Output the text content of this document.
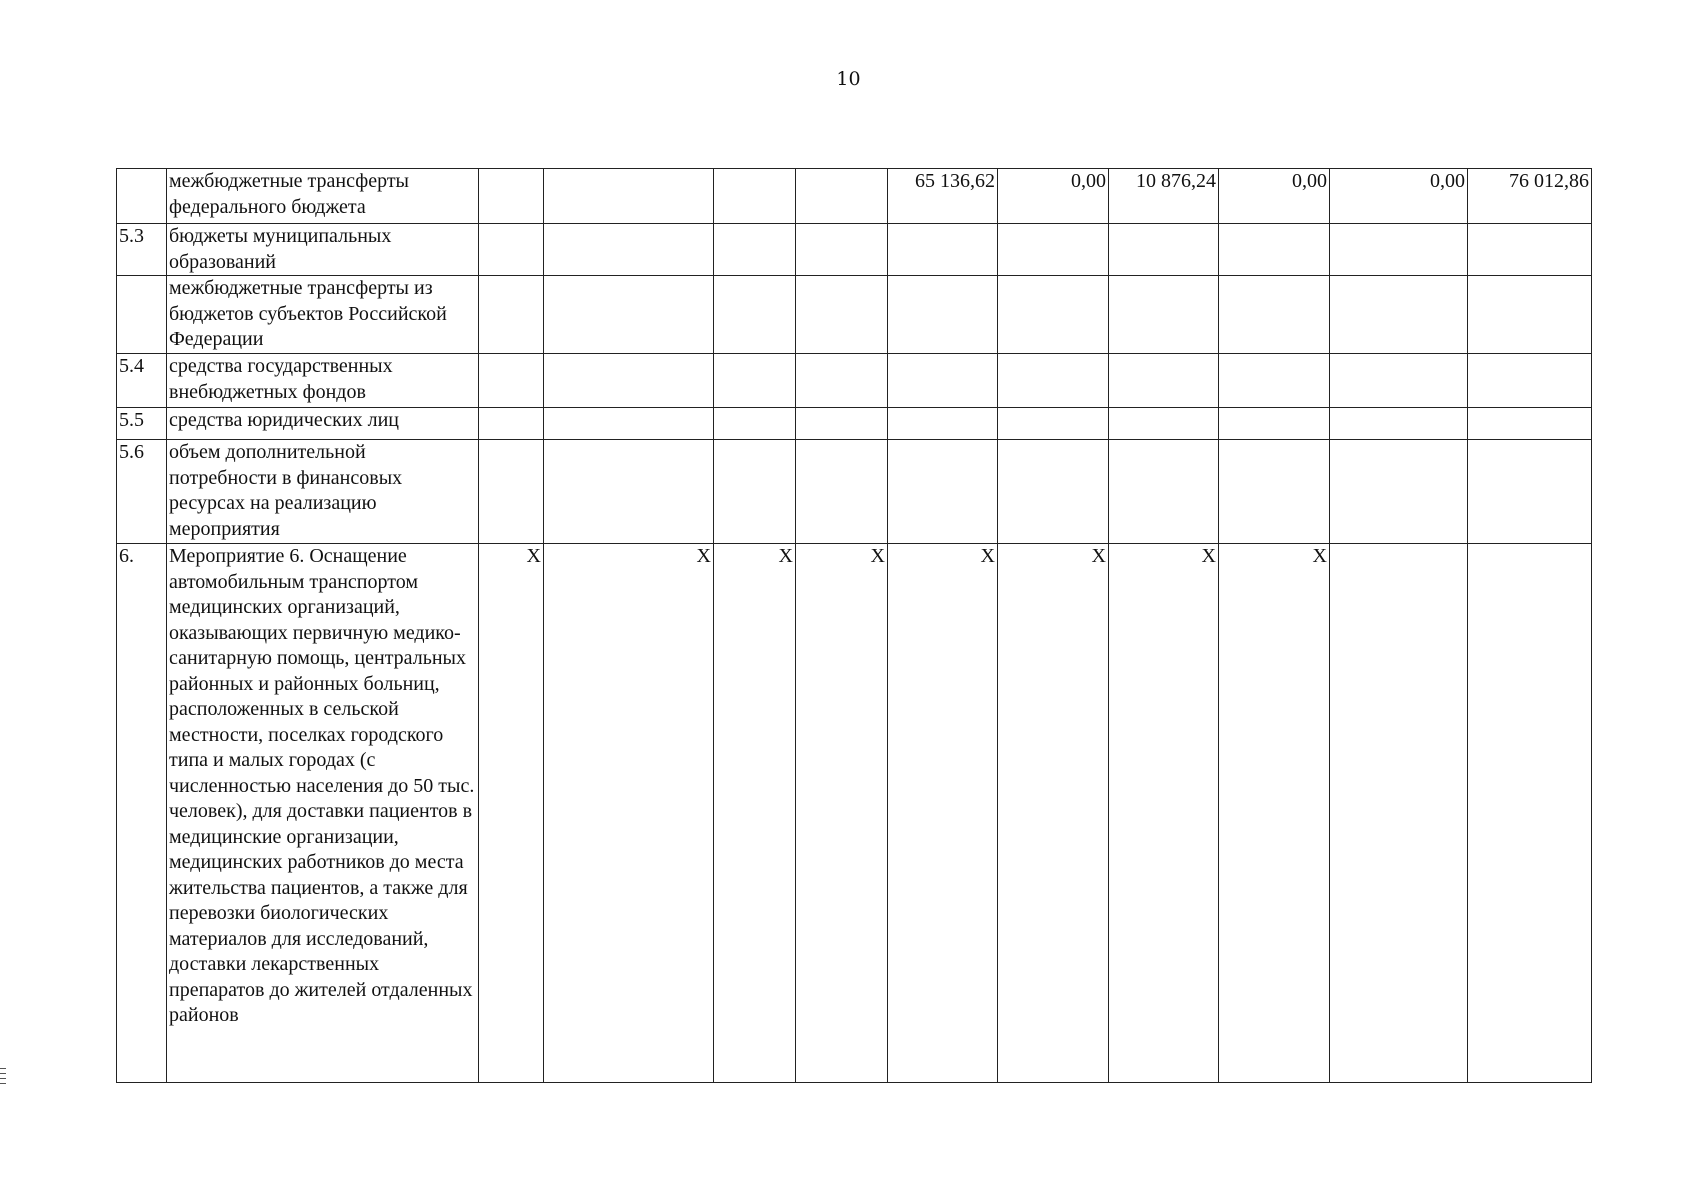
10
	межбюджетные трансферты федерального бюджета					65 136,62	0,00	10 876,24	0,00	0,00	76 012,86
5.3	бюджеты муниципальных образований										
	межбюджетные трансферты из бюджетов субъектов Российской Федерации										
5.4	средства государственных внебюджетных фондов										
5.5	средства юридических лиц										
5.6	объем дополнительной потребности в финансовых ресурсах на реализацию мероприятия										
6.	Мероприятие 6. Оснащение автомобильным транспортом медицинских организаций, оказывающих первичную медико-санитарную помощь, центральных районных и районных больниц, расположенных в сельской местности, поселках городского типа и малых городах (с численностью населения до 50 тыс. человек), для доставки пациентов в медицинские организации, медицинских работников до места жительства пациентов, а также для перевозки биологических материалов для исследований, доставки лекарственных препаратов до жителей отдаленных районов	X	X	X	X	X	X	X	X		
